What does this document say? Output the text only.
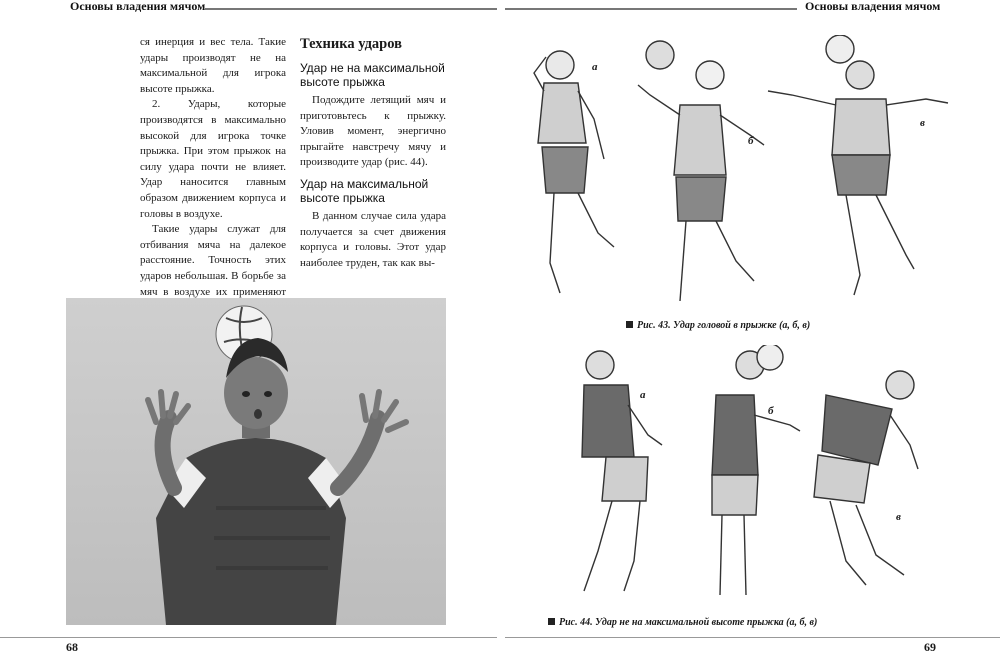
Основы владения мячом	Основы владения мячом

ся инерция и вес тела. Такие удары производят не на максимальной для игрока высоте прыжка.

2. Удары, которые производятся в максимально высокой для игрока точке прыжка. При этом прыжок на силу удара почти не влияет. Удар наносится главным образом движением корпуса и головы в воздухе.

Такие удары служат для отбивания мяча на далекое расстояние. Точность этих ударов небольшая. В борьбе за мяч в воздухе их применяют

Техника ударов
Удар не на максимальной высоте прыжка

Подождите летящий мяч и приготовьтесь к прыжку. Уловив момент, энергично прыгайте навстречу мячу и производите удар (рис. 44).

Удар на максимальной высоте прыжка

В данном случае сила удара получается за счет движения корпуса и головы. Этот удар наиболее труден, так как вы-

а
б
в
Рис. 43. Удар головой в прыжке (а, б, в)
а
б
в
Рис. 44. Удар не на максимальной высоте прыжка (а, б, в)
68	69
